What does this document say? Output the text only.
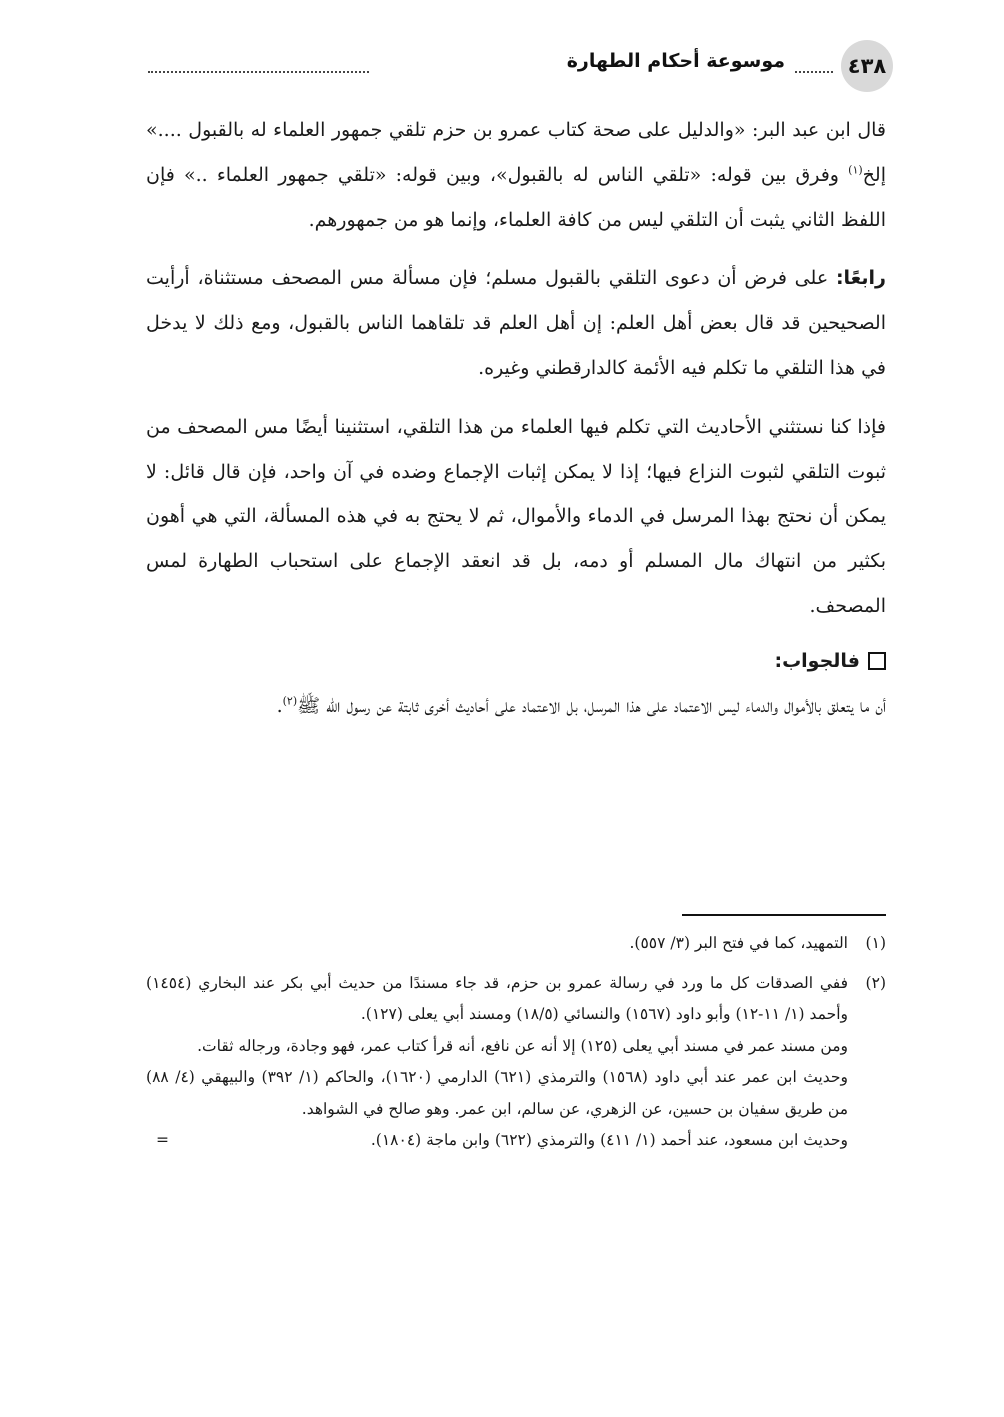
٤٣٨
موسوعة أحكام الطهارة

قال ابن عبد البر: «والدليل على صحة كتاب عمرو بن حزم تلقي جمهور العلماء له بالقبول ....» إلخ$^{(١)}$ وفرق بين قوله: «تلقي الناس له بالقبول»، وبين قوله: «تلقي جمهور العلماء ..» فإن اللفظ الثاني يثبت أن التلقي ليس من كافة العلماء، وإنما هو من جمهورهم.

رابعًا: على فرض أن دعوى التلقي بالقبول مسلم؛ فإن مسألة مس المصحف مستثناة، أرأيت الصحيحين قد قال بعض أهل العلم: إن أهل العلم قد تلقاهما الناس بالقبول، ومع ذلك لا يدخل في هذا التلقي ما تكلم فيه الأئمة كالدارقطني وغيره.

فإذا كنا نستثني الأحاديث التي تكلم فيها العلماء من هذا التلقي، استثنينا أيضًا مس المصحف من ثبوت التلقي لثبوت النزاع فيها؛ إذا لا يمكن إثبات الإجماع وضده في آن واحد، فإن قال قائل: لا يمكن أن نحتج بهذا المرسل في الدماء والأموال، ثم لا يحتج به في هذه المسألة، التي هي أهون بكثير من انتهاك مال المسلم أو دمه، بل قد انعقد الإجماع على استحباب الطهارة لمس المصحف.

فالجواب:

أن ما يتعلق بالأموال والدماء ليس الاعتماد على هذا المرسل، بل الاعتماد على أحاديث أخرى ثابتة عن رسول الله ﷺ$^{(٢)}$.

(١)
التمهيد، كما في فتح البر (٣/ ٥٥٧).
(٢)

ففي الصدقات كل ما ورد في رسالة عمرو بن حزم، قد جاء مسندًا من حديث أبي بكر عند البخاري (١٤٥٤) وأحمد (١/ ١١-١٢) وأبو داود (١٥٦٧) والنسائي (١٨/٥) ومسند أبي يعلى (١٢٧).

ومن مسند عمر في مسند أبي يعلى (١٢٥) إلا أنه عن نافع، أنه قرأ كتاب عمر، فهو وجادة، ورجاله ثقات.

وحديث ابن عمر عند أبي داود (١٥٦٨) والترمذي (٦٢١) الدارمي (١٦٢٠)، والحاكم (١/ ٣٩٢) والبيهقي (٤/ ٨٨) من طريق سفيان بن حسين، عن الزهري، عن سالم، ابن عمر. وهو صالح في الشواهد.

وحديث ابن مسعود، عند أحمد (١/ ٤١١) والترمذي (٦٢٢) وابن ماجة (١٨٠٤).
=
